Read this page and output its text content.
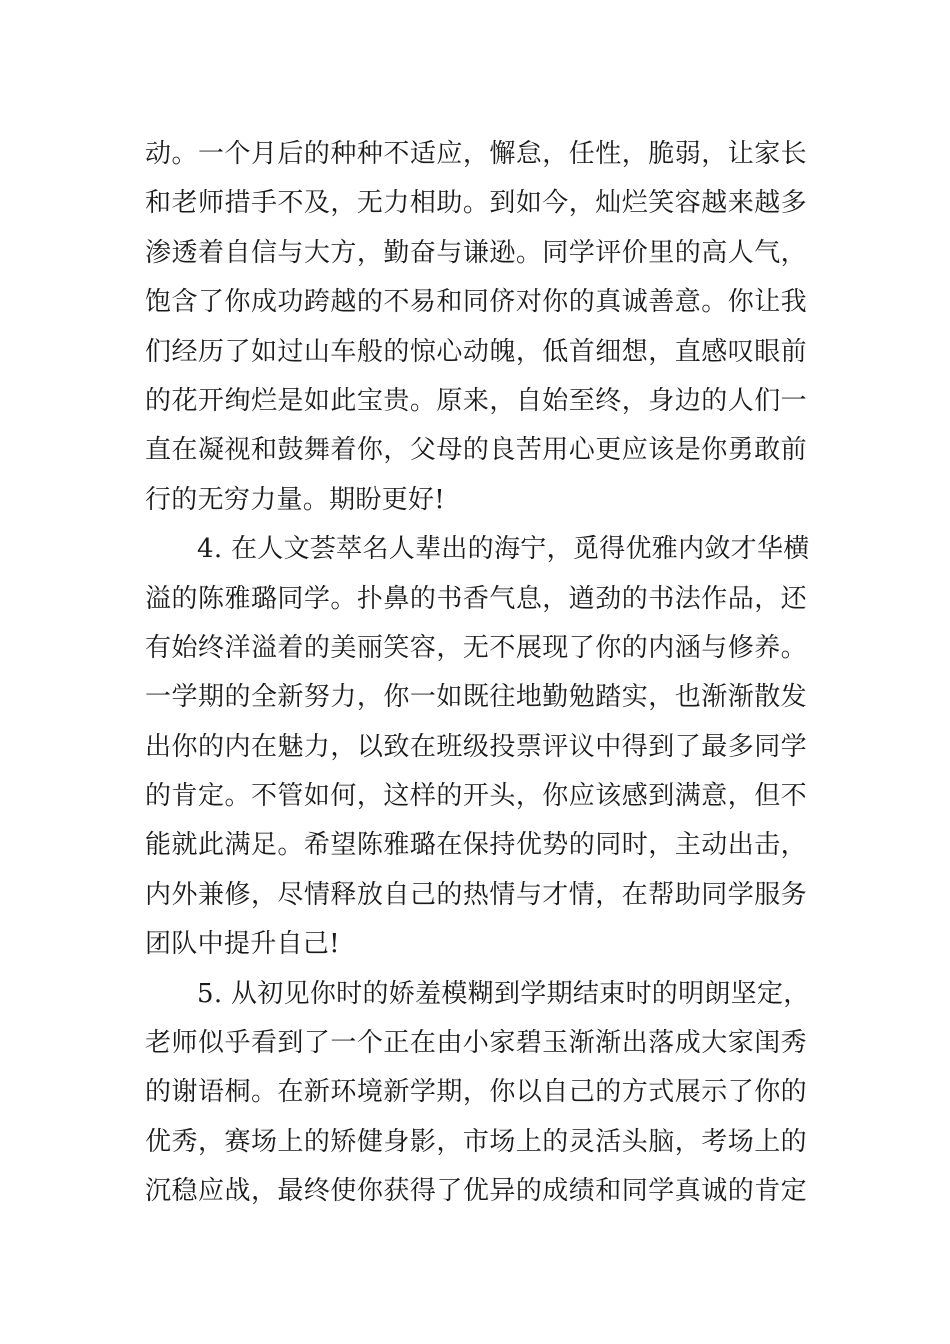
动。一个月后的种种不适应，懈怠，任性，脆弱，让家长
和老师措手不及，无力相助。到如今，灿烂笑容越来越多
渗透着自信与大方，勤奋与谦逊。同学评价里的高人气，
饱含了你成功跨越的不易和同侪对你的真诚善意。你让我
们经历了如过山车般的惊心动魄，低首细想，直感叹眼前
的花开绚烂是如此宝贵。原来，自始至终，身边的人们一
直在凝视和鼓舞着你，父母的良苦用心更应该是你勇敢前
行的无穷力量。期盼更好!
4. 在人文荟萃名人辈出的海宁，觅得优雅内敛才华横
溢的陈雅璐同学。扑鼻的书香气息，遒劲的书法作品，还
有始终洋溢着的美丽笑容，无不展现了你的内涵与修养。
一学期的全新努力，你一如既往地勤勉踏实，也渐渐散发
出你的内在魅力，以致在班级投票评议中得到了最多同学
的肯定。不管如何，这样的开头，你应该感到满意，但不
能就此满足。希望陈雅璐在保持优势的同时，主动出击，
内外兼修，尽情释放自己的热情与才情，在帮助同学服务
团队中提升自己!
5. 从初见你时的娇羞模糊到学期结束时的明朗坚定，
老师似乎看到了一个正在由小家碧玉渐渐出落成大家闺秀
的谢语桐。在新环境新学期，你以自己的方式展示了你的
优秀，赛场上的矫健身影，市场上的灵活头脑，考场上的
沉稳应战，最终使你获得了优异的成绩和同学真诚的肯定
